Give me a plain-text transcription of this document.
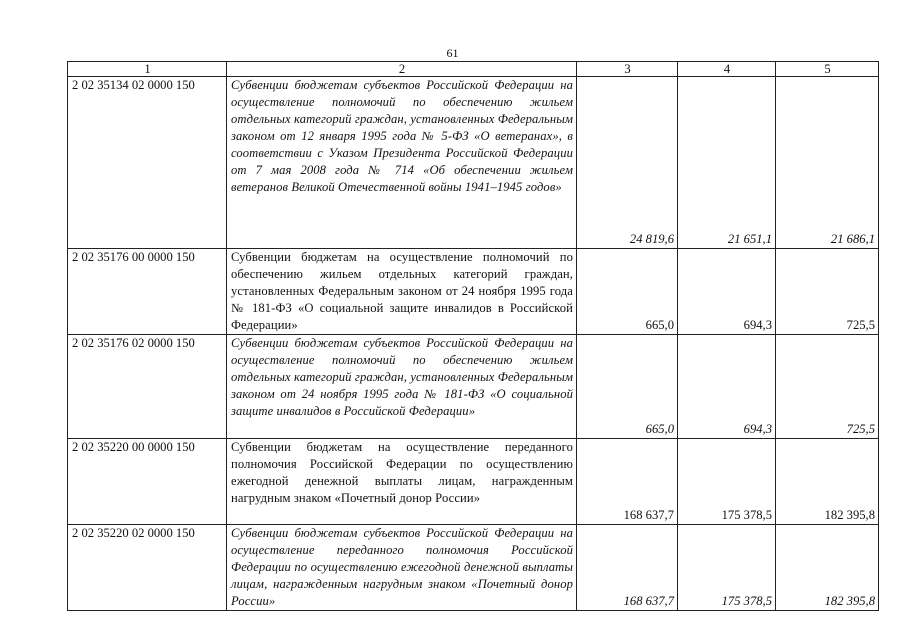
61
1	2	3	4	5
2 02 35134 02 0000 150	Субвенции бюджетам субъектов Российской Федерации на осуществление полномочий по обеспечению жильем отдельных категорий граждан, установленных Федеральным законом от 12 января 1995 года № 5-ФЗ «О ветеранах», в соответствии с Указом Президента Российской Федерации от 7 мая 2008 года № 714 «Об обеспечении жильем ветеранов Великой Отечественной войны 1941–1945 годов»	24 819,6	21 651,1	21 686,1
2 02 35176 00 0000 150	Субвенции бюджетам на осуществление полномочий по обеспечению жильем отдельных категорий граждан, установленных Федеральным законом от 24 ноября 1995 года № 181-ФЗ «О социальной защите инвалидов в Российской Федерации»	665,0	694,3	725,5
2 02 35176 02 0000 150	Субвенции бюджетам субъектов Российской Федерации на осуществление полномочий по обеспечению жильем отдельных категорий граждан, установленных Федеральным законом от 24 ноября 1995 года № 181-ФЗ «О социальной защите инвалидов в Российской Федерации»	665,0	694,3	725,5
2 02 35220 00 0000 150	Субвенции бюджетам на осуществление переданного полномочия Российской Федерации по осуществлению ежегодной денежной выплаты лицам, награжденным нагрудным знаком «Почетный донор России»	168 637,7	175 378,5	182 395,8
2 02 35220 02 0000 150	Субвенции бюджетам субъектов Российской Федерации на осуществление переданного полномочия Российской Федерации по осуществлению ежегодной денежной выплаты лицам, награжденным нагрудным знаком «Почетный донор России»	168 637,7	175 378,5	182 395,8
